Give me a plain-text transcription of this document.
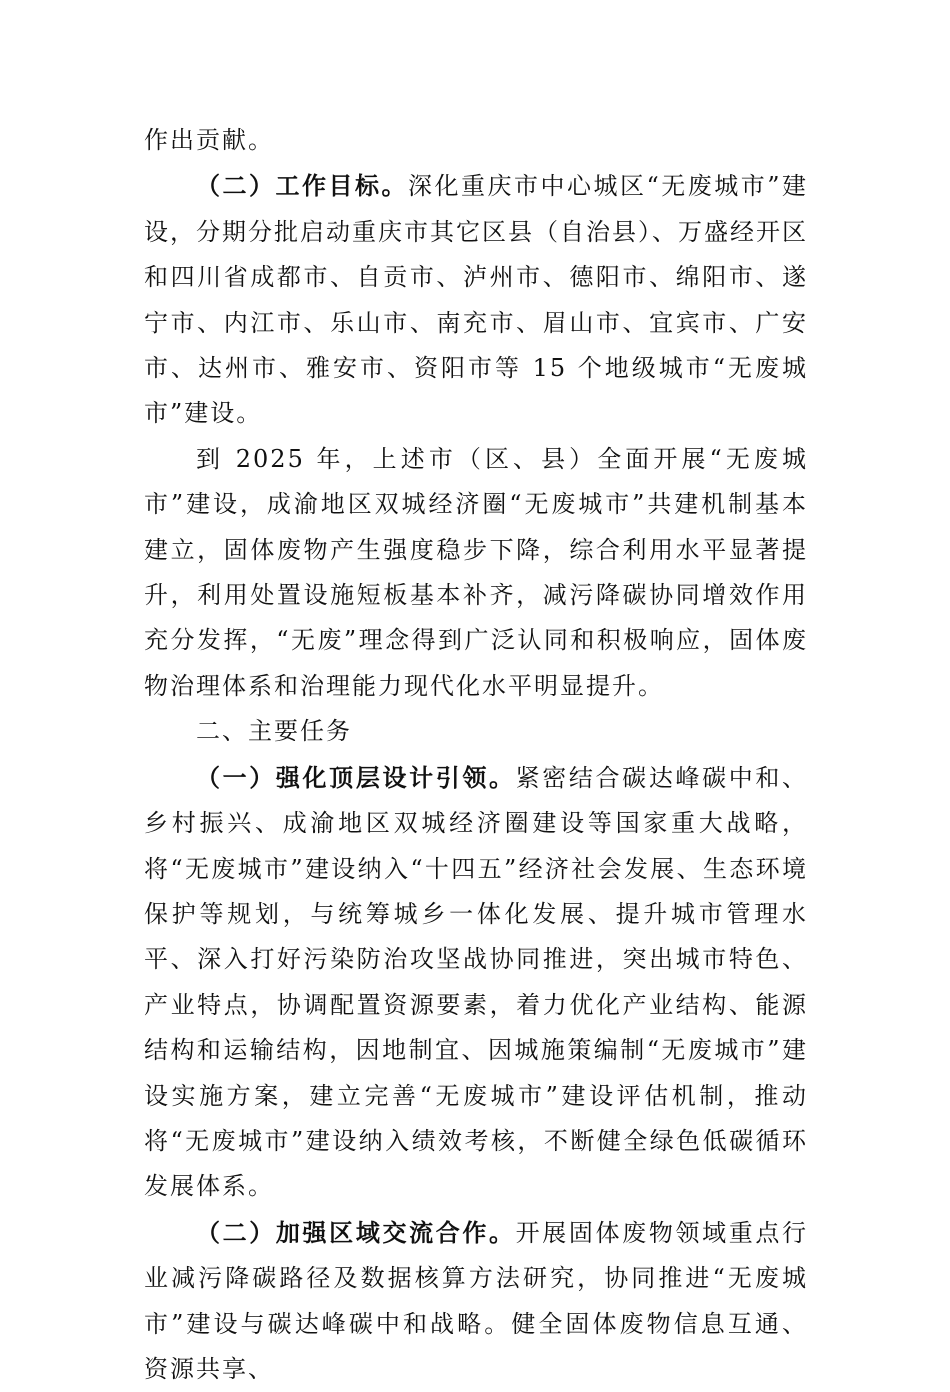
作出贡献。

（二）工作目标。深化重庆市中心城区“无废城市”建设，分期分批启动重庆市其它区县（自治县）、万盛经开区和四川省成都市、自贡市、泸州市、德阳市、绵阳市、遂宁市、内江市、乐山市、南充市、眉山市、宜宾市、广安市、达州市、雅安市、资阳市等 15 个地级城市“无废城市”建设。

到 2025 年，上述市（区、县）全面开展“无废城市”建设，成渝地区双城经济圈“无废城市”共建机制基本建立，固体废物产生强度稳步下降，综合利用水平显著提升，利用处置设施短板基本补齐，减污降碳协同增效作用充分发挥，“无废”理念得到广泛认同和积极响应，固体废物治理体系和治理能力现代化水平明显提升。

二、主要任务

（一）强化顶层设计引领。紧密结合碳达峰碳中和、乡村振兴、成渝地区双城经济圈建设等国家重大战略，将“无废城市”建设纳入“十四五”经济社会发展、生态环境保护等规划，与统筹城乡一体化发展、提升城市管理水平、深入打好污染防治攻坚战协同推进，突出城市特色、产业特点，协调配置资源要素，着力优化产业结构、能源结构和运输结构，因地制宜、因城施策编制“无废城市”建设实施方案，建立完善“无废城市”建设评估机制，推动将“无废城市”建设纳入绩效考核，不断健全绿色低碳循环发展体系。

（二）加强区域交流合作。开展固体废物领域重点行业减污降碳路径及数据核算方法研究，协同推进“无废城市”建设与碳达峰碳中和战略。健全固体废物信息互通、资源共享、
